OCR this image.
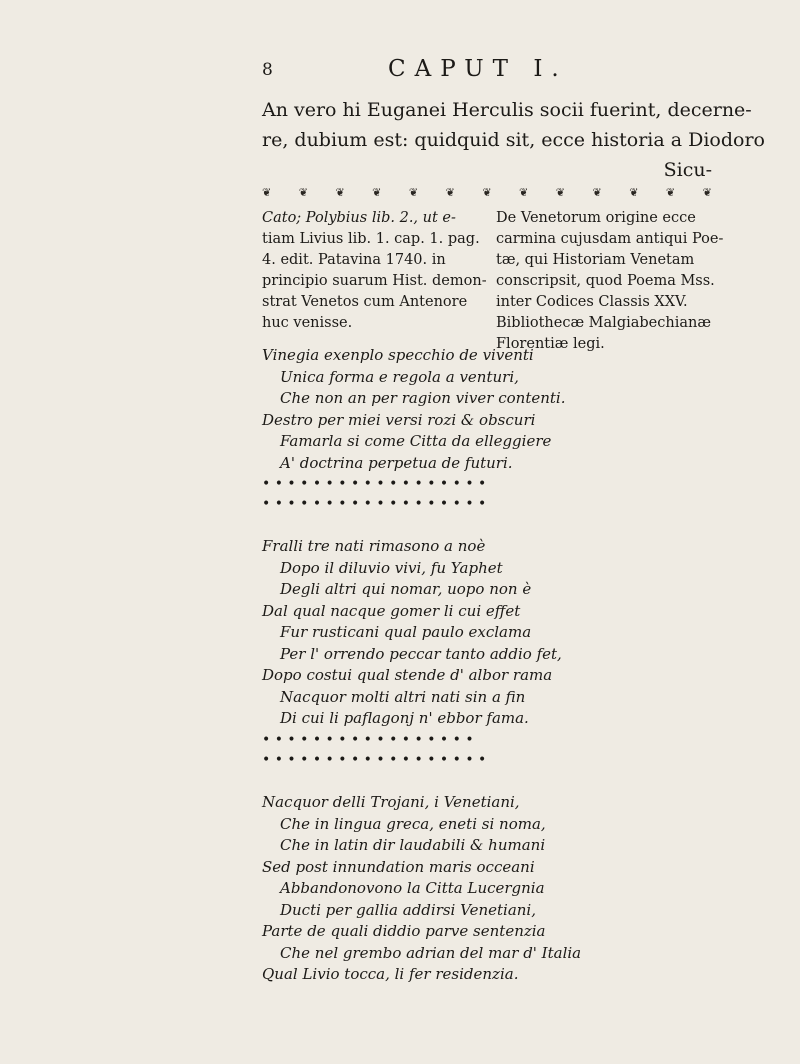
8	CAPUT I.
An vero hi Euganei Herculis socii fuerint, decerne-
re, dubium est: quidquid sit, ecce historia a Diodoro
Sicu-
❦	❦	❦	❦	❦	❦	❦	❦	❦	❦	❦	❦	❦
Cato; Polybius lib. 2., ut e-
tiam Livius lib. 1. cap. 1. pag.
4. edit. Patavina 1740. in
principio suarum Hist. demon-
strat Venetos cum Antenore
huc venisse.
De Venetorum origine ecce
carmina cujusdam antiqui Poe-
tæ, qui Historiam Venetam
conscripsit, quod Poema Mss.
inter Codices Classis XXV.
Bibliothecæ Malgiabechianæ
Florentiæ legi.
Vinegia exenplo specchio de viventi
Unica forma e regola a venturi,
Che non an per ragion viver contenti.
Destro per miei versi rozi & obscuri
Famarla si come Citta da elleggiere
A' doctrina perpetua de futuri.
• • • • • • • • • • • • • • • • • •
• • • • • • • • • • • • • • • • • •
Fralli tre nati rimasono a noè
Dopo il diluvio vivi, fu Yaphet
Degli altri qui nomar, uopo non è
Dal qual nacque gomer li cui effet
Fur rusticani qual paulo exclama
Per l' orrendo peccar tanto addio fet,
Dopo costui qual stende d' albor rama
Nacquor molti altri nati sin a fin
Di cui li paflagonj n' ebbor fama.
• • • • • • • • • • • • • • • • •
• • • • • • • • • • • • • • • • • •
Nacquor delli Trojani, i Venetiani,
Che in lingua greca, eneti si noma,
Che in latin dir laudabili & humani
Sed post innundation maris occeani
Abbandonovono la Citta Lucergnia
Ducti per gallia addirsi Venetiani,
Parte de quali diddio parve sentenzia
Che nel grembo adrian del mar d' Italia
Qual Livio tocca, li fer residenzia.
